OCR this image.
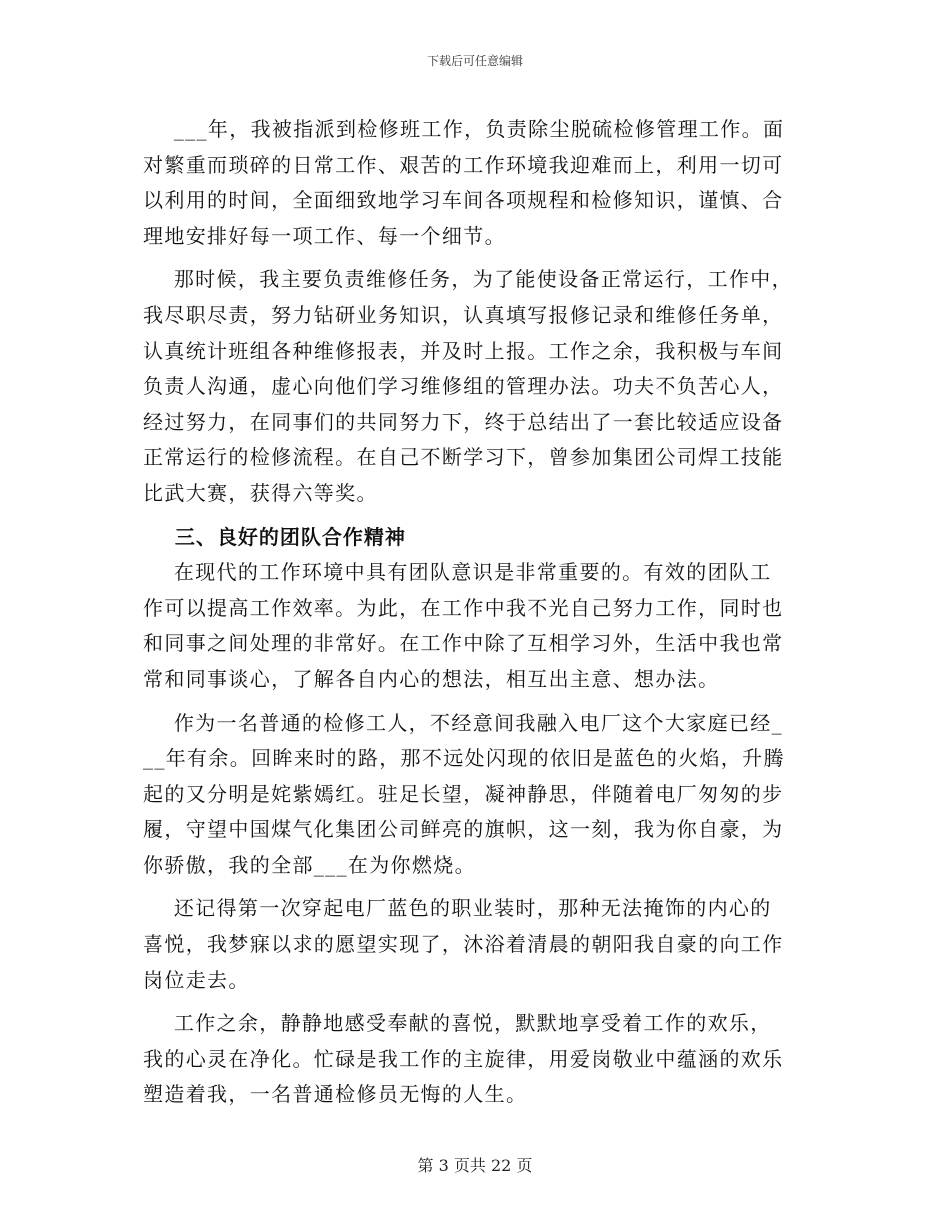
下载后可任意编辑
___年，我被指派到检修班工作，负责除尘脱硫检修管理工作。面
对繁重而琐碎的日常工作、艰苦的工作环境我迎难而上，利用一切可
以利用的时间，全面细致地学习车间各项规程和检修知识，谨慎、合
理地安排好每一项工作、每一个细节。
那时候，我主要负责维修任务，为了能使设备正常运行，工作中，
我尽职尽责，努力钻研业务知识，认真填写报修记录和维修任务单，
认真统计班组各种维修报表，并及时上报。工作之余，我积极与车间
负责人沟通，虚心向他们学习维修组的管理办法。功夫不负苦心人，
经过努力，在同事们的共同努力下，终于总结出了一套比较适应设备
正常运行的检修流程。在自己不断学习下，曾参加集团公司焊工技能
比武大赛，获得六等奖。
三、良好的团队合作精神
在现代的工作环境中具有团队意识是非常重要的。有效的团队工
作可以提高工作效率。为此，在工作中我不光自己努力工作，同时也
和同事之间处理的非常好。在工作中除了互相学习外，生活中我也常
常和同事谈心，了解各自内心的想法，相互出主意、想办法。
作为一名普通的检修工人，不经意间我融入电厂这个大家庭已经_
__年有余。回眸来时的路，那不远处闪现的依旧是蓝色的火焰，升腾
起的又分明是姹紫嫣红。驻足长望，凝神静思，伴随着电厂匆匆的步
履，守望中国煤气化集团公司鲜亮的旗帜，这一刻，我为你自豪，为
你骄傲，我的全部___在为你燃烧。
还记得第一次穿起电厂蓝色的职业装时，那种无法掩饰的内心的
喜悦，我梦寐以求的愿望实现了，沐浴着清晨的朝阳我自豪的向工作
岗位走去。
工作之余，静静地感受奉献的喜悦，默默地享受着工作的欢乐，
我的心灵在净化。忙碌是我工作的主旋律，用爱岗敬业中蕴涵的欢乐
塑造着我，一名普通检修员无悔的人生。
第 3 页共 22 页
